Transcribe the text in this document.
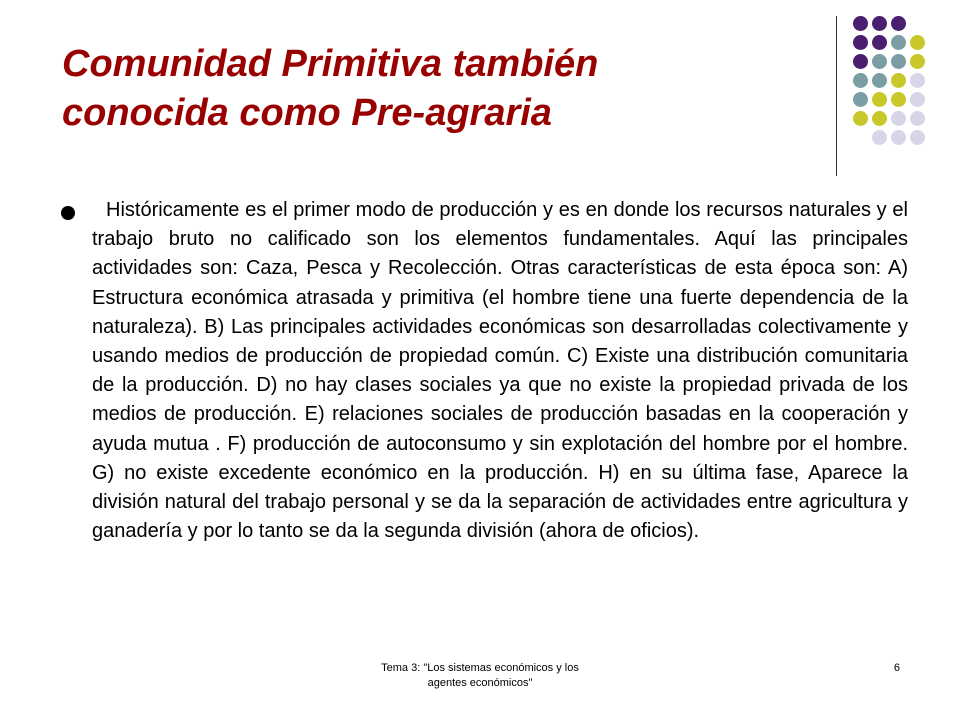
Comunidad Primitiva también
conocida como Pre-agraria

Históricamente es el primer modo de producción y es en donde los recursos naturales y el trabajo bruto no calificado son los elementos fundamentales. Aquí las principales actividades son: Caza, Pesca y Recolección. Otras características de esta época son: A) Estructura económica atrasada y primitiva (el hombre tiene una fuerte dependencia de la naturaleza). B) Las principales actividades económicas son desarrolladas colectivamente y usando medios de producción de propiedad común. C) Existe una distribución comunitaria de la producción. D) no hay clases sociales ya que no existe la propiedad privada de los medios de producción. E) relaciones sociales de producción basadas en la cooperación y ayuda mutua . F) producción de autoconsumo y sin explotación del hombre por el hombre. G) no existe excedente económico en la producción. H) en su última fase, Aparece la división natural del trabajo personal y se da la separación de actividades entre agricultura y ganadería y por lo tanto se da la segunda división (ahora de oficios).

Tema 3: "Los sistemas económicos y los
agentes económicos"
6
